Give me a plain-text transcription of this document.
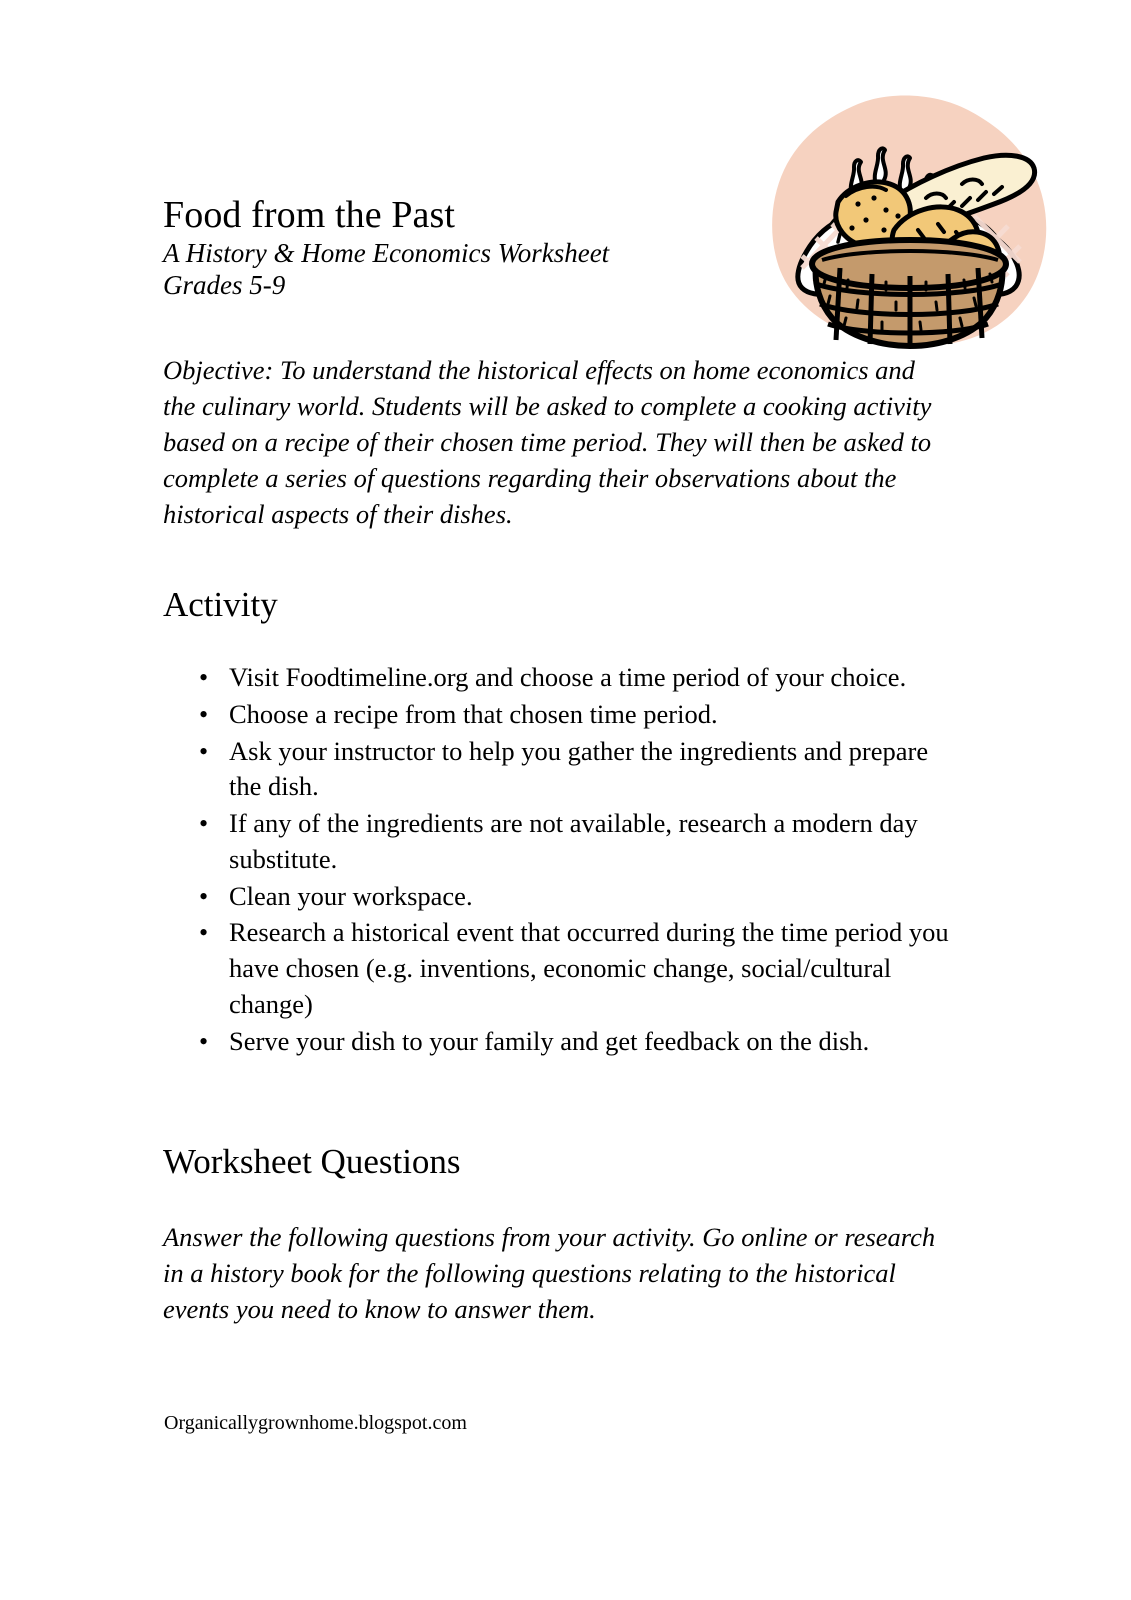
Food from the Past

A History & Home Economics Worksheet

Grades 5-9

Objective: To understand the historical effects on home economics and the culinary world. Students will be asked to complete a cooking activity based on a recipe of their chosen time period. They will then be asked to complete a series of questions regarding their observations about the historical aspects of their dishes.

Activity
• Visit Foodtimeline.org and choose a time period of your choice.
• Choose a recipe from that chosen time period.
• Ask your instructor to help you gather the ingredients and prepare the dish.
• If any of the ingredients are not available, research a modern day substitute.
• Clean your workspace.
• Research a historical event that occurred during the time period you have chosen (e.g. inventions, economic change, social/cultural change)
• Serve your dish to your family and get feedback on the dish.
Worksheet Questions

Answer the following questions from your activity. Go online or research in a history book for the following questions relating to the historical events you need to know to answer them.

Organicallygrownhome.blogspot.com
